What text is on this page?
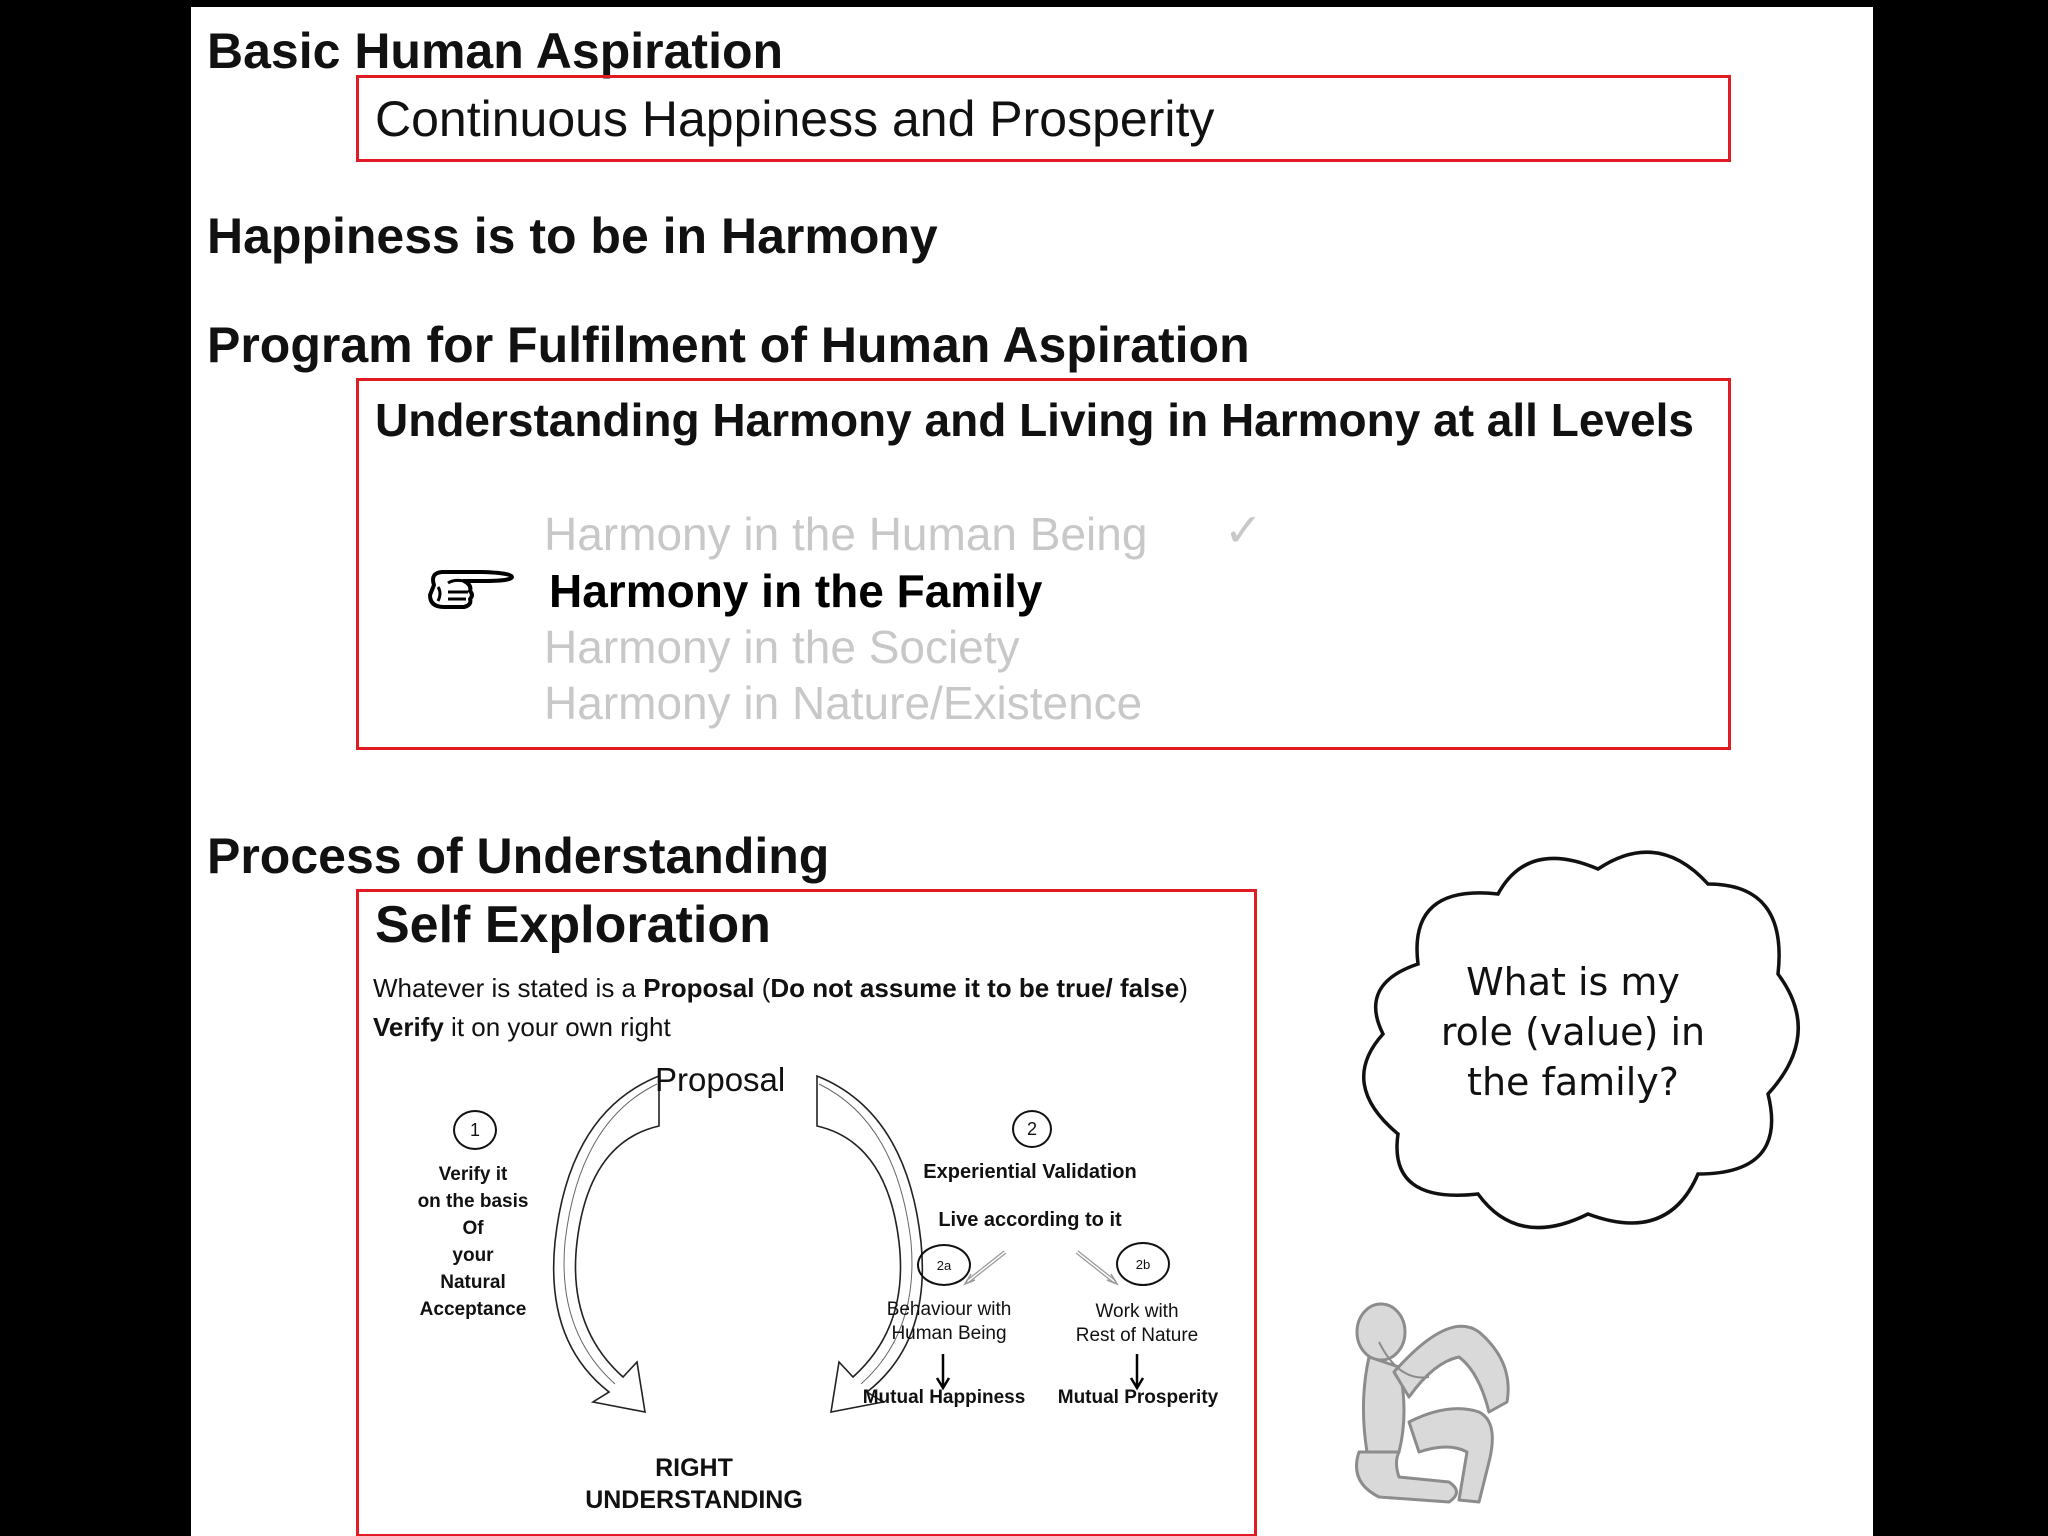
Basic Human Aspiration
Continuous Happiness and Prosperity
Happiness is to be in Harmony
Program for Fulfilment of Human Aspiration
Understanding Harmony and Living in Harmony at all Levels
Harmony in the Human Being ✓
Harmony in the Family
Harmony in the Society
Harmony in Nature/Existence
Process of Understanding
Self Exploration
Whatever is stated is a Proposal (Do not assume it to be true/ false)
Verify it on your own right
Proposal
1
Verify it
on the basis
Of
your
Natural
Acceptance
2
Experiential Validation
Live according to it
2a	2b
Behaviour with
Human Being
Work with
Rest of Nature
Mutual Happiness	Mutual Prosperity
RIGHT
UNDERSTANDING
What is my
role (value) in
the family?
